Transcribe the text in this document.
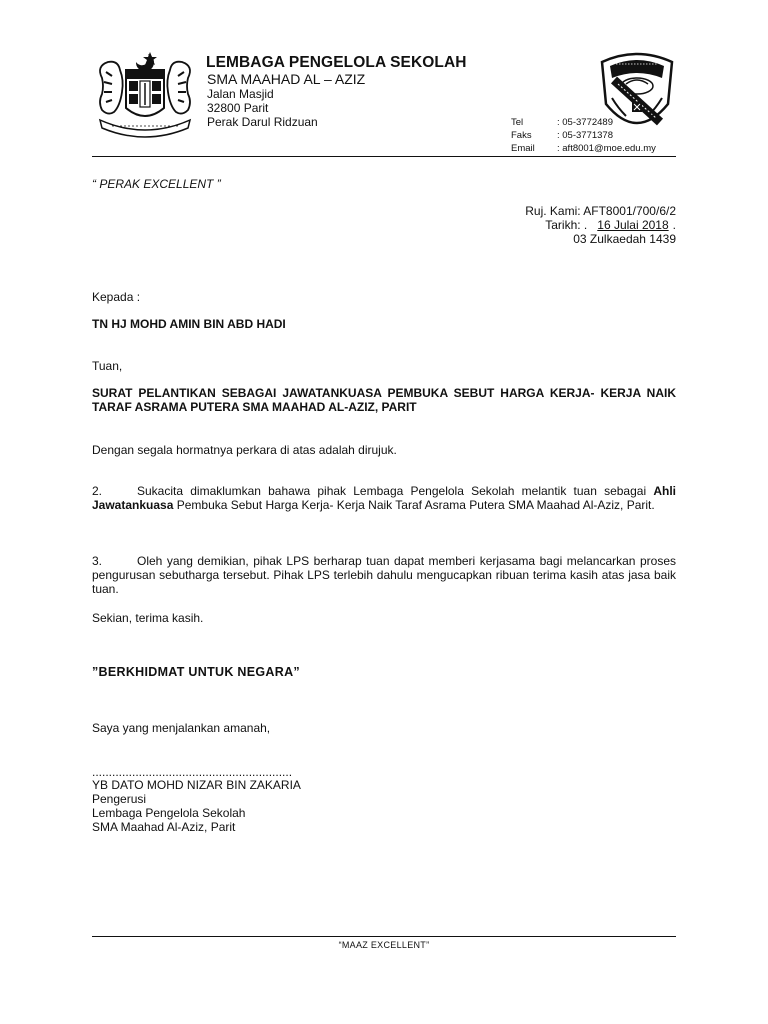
LEMBAGA PENGELOLA SEKOLAH
SMA MAAHAD AL – AZIZ
Jalan Masjid
32800 Parit
Perak Darul Ridzuan	Tel	: 05-3772489
Faks	: 05-3771378
Email	: aft8001@moe.edu.my
“ PERAK EXCELLENT ”
Ruj. Kami: AFT8001/700/6/2
Tarikh: . 16 Julai 2018 .
03 Zulkaedah 1439
Kepada :
TN HJ MOHD AMIN BIN ABD HADI
Tuan,
SURAT PELANTIKAN SEBAGAI JAWATANKUASA PEMBUKA SEBUT HARGA KERJA- KERJA NAIK TARAF ASRAMA PUTERA SMA MAAHAD AL-AZIZ, PARIT
Dengan segala hormatnya perkara di atas adalah dirujuk.
2.	Sukacita dimaklumkan bahawa pihak Lembaga Pengelola Sekolah melantik tuan sebagai Ahli Jawatankuasa Pembuka Sebut Harga Kerja- Kerja Naik Taraf Asrama Putera SMA Maahad Al-Aziz, Parit.
3.	Oleh yang demikian, pihak LPS berharap tuan dapat memberi kerjasama bagi melancarkan proses pengurusan sebutharga tersebut. Pihak LPS terlebih dahulu mengucapkan ribuan terima kasih atas jasa baik tuan.
Sekian, terima kasih.
”BERKHIDMAT UNTUK NEGARA”
Saya yang menjalankan amanah,
............................................................
YB DATO MOHD NIZAR BIN ZAKARIA
Pengerusi
Lembaga Pengelola Sekolah
SMA Maahad Al-Aziz, Parit
“MAAZ EXCELLENT”
